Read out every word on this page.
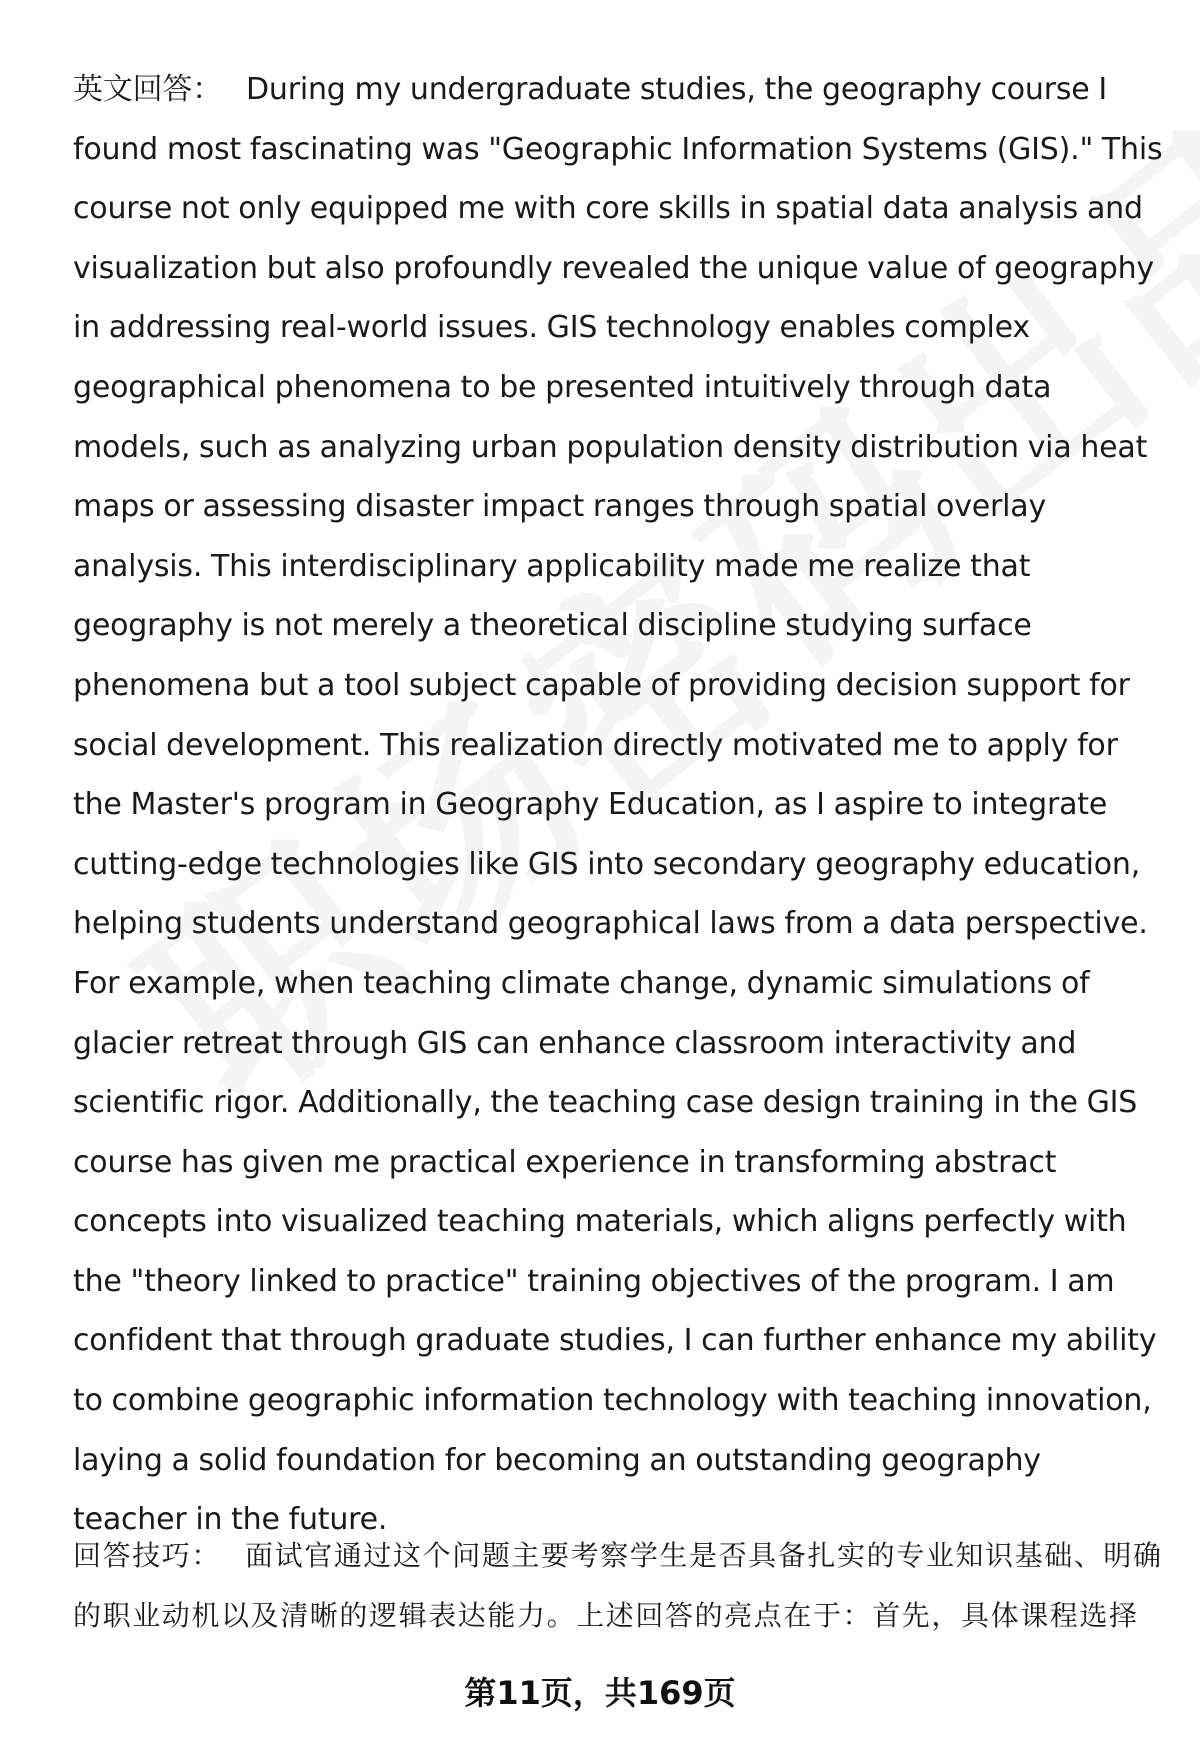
英文回答： During my undergraduate studies, the geography course I found most fascinating was "Geographic Information Systems (GIS)." This course not only equipped me with core skills in spatial data analysis and visualization but also profoundly revealed the unique value of geography in addressing real-world issues. GIS technology enables complex geographical phenomena to be presented intuitively through data models, such as analyzing urban population density distribution via heat maps or assessing disaster impact ranges through spatial overlay analysis. This interdisciplinary applicability made me realize that geography is not merely a theoretical discipline studying surface phenomena but a tool subject capable of providing decision support for social development. This realization directly motivated me to apply for the Master's program in Geography Education, as I aspire to integrate cutting-edge technologies like GIS into secondary geography education, helping students understand geographical laws from a data perspective. For example, when teaching climate change, dynamic simulations of glacier retreat through GIS can enhance classroom interactivity and scientific rigor. Additionally, the teaching case design training in the GIS course has given me practical experience in transforming abstract concepts into visualized teaching materials, which aligns perfectly with the "theory linked to practice" training objectives of the program. I am confident that through graduate studies, I can further enhance my ability to combine geographic information technology with teaching innovation, laying a solid foundation for becoming an outstanding geography teacher in the future.

回答技巧： 面试官通过这个问题主要考察学生是否具备扎实的专业知识基础、明确的职业动机以及清晰的逻辑表达能力。上述回答的亮点在于：首先，具体课程选择

第11页，共169页
